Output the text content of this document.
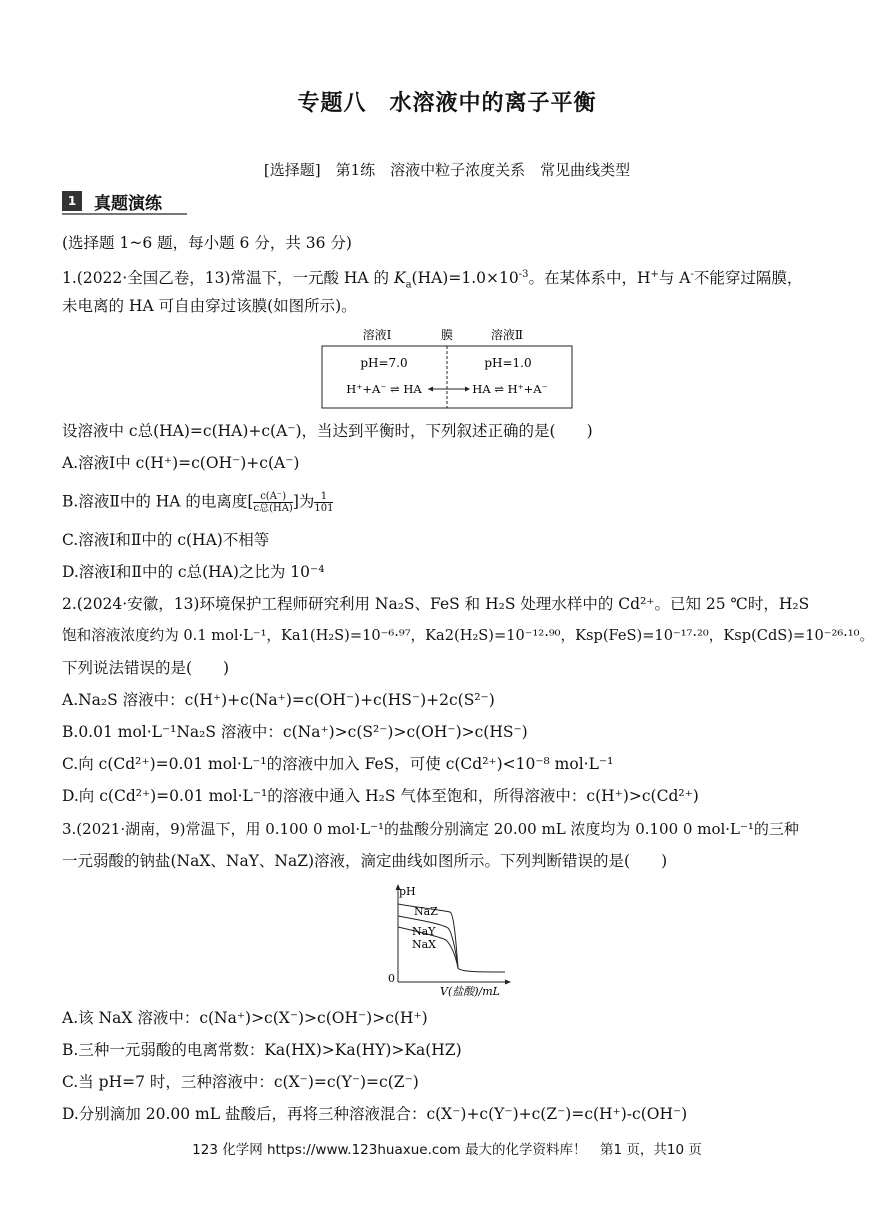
专题八　水溶液中的离子平衡
[选择题]　第1练　溶液中粒子浓度关系　常见曲线类型
1	真题演练
(选择题 1~6 题，每小题 6 分，共 36 分)
1.(2022·全国乙卷，13)常温下，一元酸 HA 的 $K_a(HA)=1.0\times 10^{-3}$。在某体系中，H+与 A-不能穿过隔膜，
未电离的 HA 可自由穿过该膜(如图所示)。
溶液Ⅰ	膜	溶液Ⅱ
pH=7.0	pH=1.0
H⁺+A⁻ ⇌ HA	HA ⇌ H⁺+A⁻
设溶液中 c总(HA)=c(HA)+c(A⁻)，当达到平衡时，下列叙述正确的是(　　)
A.溶液Ⅰ中 c(H⁺)=c(OH⁻)+c(A⁻)
B.溶液Ⅱ中的 HA 的电离度[ $\frac{c(A^-)}{\text{c总(HA)}}$ ]为 $\frac{1}{101}$
C.溶液Ⅰ和Ⅱ中的 c(HA)不相等
D.溶液Ⅰ和Ⅱ中的 c总(HA)之比为 10⁻⁴
2.(2024·安徽，13)环境保护工程师研究利用 Na₂S、FeS 和 H₂S 处理水样中的 Cd²⁺。已知 25 ℃时，H₂S
饱和溶液浓度约为 0.1 mol·L⁻¹，Ka1(H₂S)=10⁻⁶·⁹⁷，Ka2(H₂S)=10⁻¹²·⁹⁰，Ksp(FeS)=10⁻¹⁷·²⁰，Ksp(CdS)=10⁻²⁶·¹⁰。
下列说法错误的是(　　)
A.Na₂S 溶液中：c(H⁺)+c(Na⁺)=c(OH⁻)+c(HS⁻)+2c(S²⁻)
B.0.01 mol·L⁻¹Na₂S 溶液中：c(Na⁺)>c(S²⁻)>c(OH⁻)>c(HS⁻)
C.向 c(Cd²⁺)=0.01 mol·L⁻¹的溶液中加入 FeS，可使 c(Cd²⁺)<10⁻⁸ mol·L⁻¹
D.向 c(Cd²⁺)=0.01 mol·L⁻¹的溶液中通入 H₂S 气体至饱和，所得溶液中：c(H⁺)>c(Cd²⁺)
3.(2021·湖南，9)常温下，用 0.100 0 mol·L⁻¹的盐酸分别滴定 20.00 mL 浓度均为 0.100 0 mol·L⁻¹的三种
一元弱酸的钠盐(NaX、NaY、NaZ)溶液，滴定曲线如图所示。下列判断错误的是(　　)
pH
0
V(盐酸)/mL
NaZ
NaY
NaX
A.该 NaX 溶液中：c(Na⁺)>c(X⁻)>c(OH⁻)>c(H⁺)
B.三种一元弱酸的电离常数：Ka(HX)>Ka(HY)>Ka(HZ)
C.当 pH=7 时，三种溶液中：c(X⁻)=c(Y⁻)=c(Z⁻)
D.分别滴加 20.00 mL 盐酸后，再将三种溶液混合：c(X⁻)+c(Y⁻)+c(Z⁻)=c(H⁺)-c(OH⁻)
123 化学网 https://www.123huaxue.com 最大的化学资料库！　第1 页，共10 页
